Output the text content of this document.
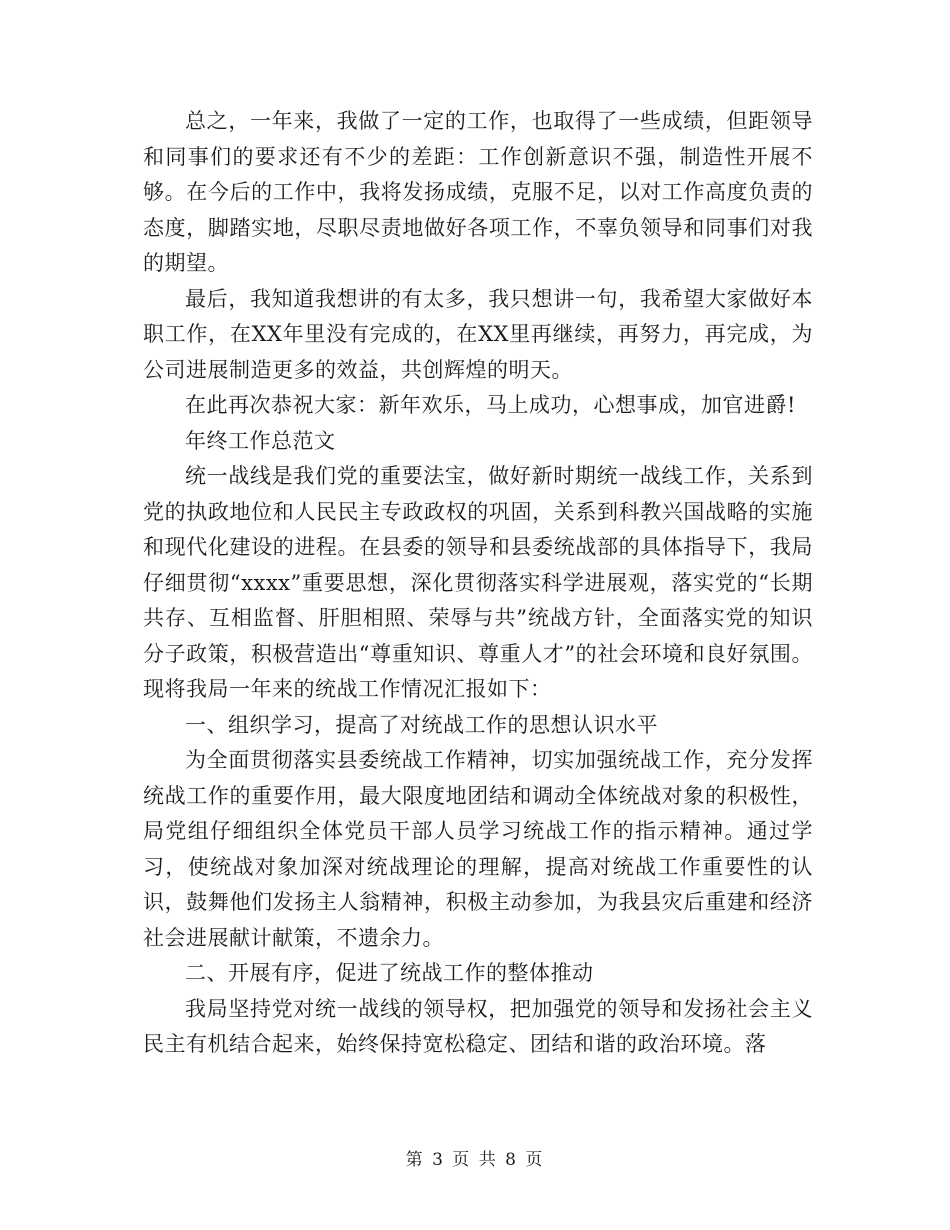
总之，一年来，我做了一定的工作，也取得了一些成绩，但距领导和同事们的要求还有不少的差距：工作创新意识不强，制造性开展不够。在今后的工作中，我将发扬成绩，克服不足，以对工作高度负责的态度，脚踏实地，尽职尽责地做好各项工作，不辜负领导和同事们对我的期望。

最后，我知道我想讲的有太多，我只想讲一句，我希望大家做好本职工作，在XX年里没有完成的，在XX里再继续，再努力，再完成，为公司进展制造更多的效益，共创辉煌的明天。

在此再次恭祝大家：新年欢乐，马上成功，心想事成，加官进爵!

年终工作总范文

统一战线是我们党的重要法宝，做好新时期统一战线工作，关系到党的执政地位和人民民主专政政权的巩固，关系到科教兴国战略的实施和现代化建设的进程。在县委的领导和县委统战部的具体指导下，我局仔细贯彻“xxxx”重要思想，深化贯彻落实科学进展观，落实党的“长期共存、互相监督、肝胆相照、荣辱与共”统战方针，全面落实党的知识分子政策，积极营造出“尊重知识、尊重人才”的社会环境和良好氛围。现将我局一年来的统战工作情况汇报如下：

一、组织学习，提高了对统战工作的思想认识水平

为全面贯彻落实县委统战工作精神，切实加强统战工作，充分发挥统战工作的重要作用，最大限度地团结和调动全体统战对象的积极性，局党组仔细组织全体党员干部人员学习统战工作的指示精神。通过学习，使统战对象加深对统战理论的理解，提高对统战工作重要性的认识，鼓舞他们发扬主人翁精神，积极主动参加，为我县灾后重建和经济社会进展献计献策，不遗余力。

二、开展有序，促进了统战工作的整体推动

我局坚持党对统一战线的领导权，把加强党的领导和发扬社会主义民主有机结合起来，始终保持宽松稳定、团结和谐的政治环境。落

第 3 页 共 8 页
